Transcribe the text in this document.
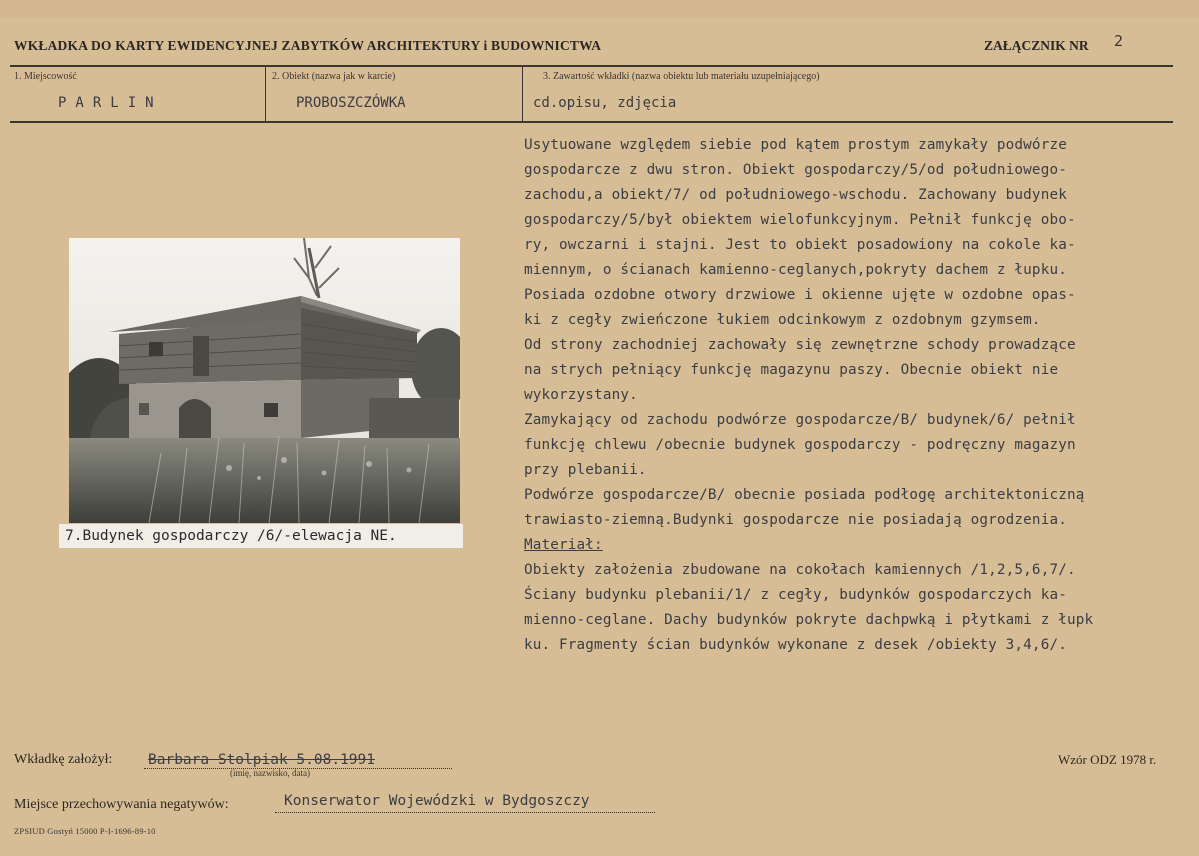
WKŁADKA DO KARTY EWIDENCYJNEJ ZABYTKÓW ARCHITEKTURY i BUDOWNICTWA	ZAŁĄCZNIK NR 2
1. Miejscowość
PARLIN
2. Obiekt (nazwa jak w karcie)
PROBOSZCZÓWKA
3. Zawartość wkładki (nazwa obiektu lub materiału uzupełniającego)
cd.opisu, zdjęcia
Usytuowane względem siebie pod kątem prostym zamykały podwórze
gospodarcze z dwu stron. Obiekt gospodarczy/5/od południowego-
zachodu,a obiekt/7/ od południowego-wschodu. Zachowany budynek
gospodarczy/5/był obiektem wielofunkcyjnym. Pełnił funkcję obo-
ry, owczarni i stajni. Jest to obiekt posadowiony na cokole ka-
miennym, o ścianach kamienno-ceglanych,pokryty dachem z łupku.
Posiada ozdobne otwory drzwiowe i okienne ujęte w ozdobne opas-
ki z cegły zwieńczone łukiem odcinkowym z ozdobnym gzymsem.
Od strony zachodniej zachowały się zewnętrzne schody prowadzące
na strych pełniący funkcję magazynu paszy. Obecnie obiekt nie
wykorzystany.
Zamykający od zachodu podwórze gospodarcze/B/ budynek/6/ pełnił
funkcję chlewu /obecnie budynek gospodarczy - podręczny magazyn
przy plebanii.
Podwórze gospodarcze/B/ obecnie posiada podłogę architektoniczną
trawiasto-ziemną.Budynki gospodarcze nie posiadają ogrodzenia.
Materiał:
Obiekty założenia zbudowane na cokołach kamiennych /1,2,5,6,7/.
Ściany budynku plebanii/1/ z cegły, budynków gospodarczych ka-
mienno-ceglane. Dachy budynków pokryte dachpwką i płytkami z łupk
ku. Fragmenty ścian budynków wykonane z desek /obiekty 3,4,6/.
7.Budynek gospodarczy /6/-elewacja NE.
Wkładkę założył: Barbara Stolpiak 5.08.1991
(imię, nazwisko, data)
Wzór ODZ 1978 r.
Miejsce przechowywania negatywów:	Konserwator Wojewódzki w Bydgoszczy
ZPSIUD Gostyń 15000 P-I-1696-89-10
